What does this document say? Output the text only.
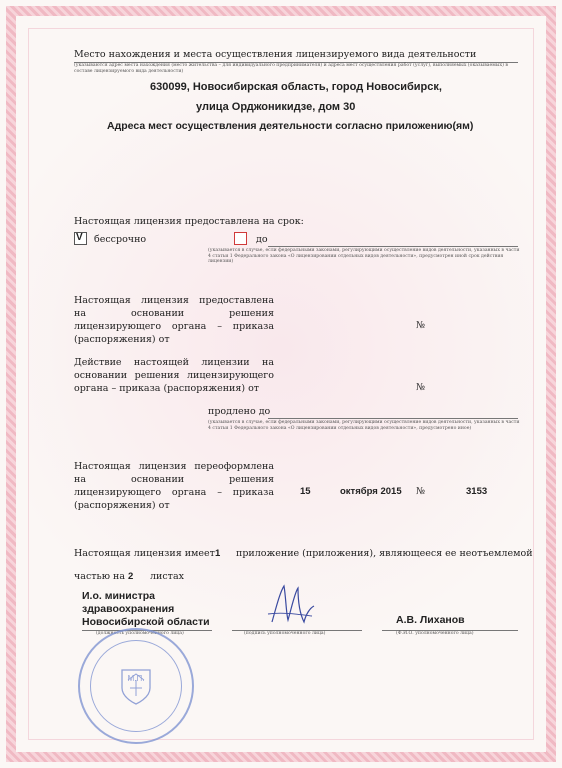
Место нахождения и места осуществления лицензируемого вида деятельности
(указываются адрес места нахождения (место жительства – для индивидуального предпринимателя) и адреса мест осуществления работ (услуг), выполняемых (оказываемых) в составе лицензируемого вида деятельности)
630099, Новосибирская область, город Новосибирск,
улица Орджоникидзе, дом 30
Адреса мест осуществления деятельности согласно приложению(ям)
Настоящая лицензия предоставлена на срок:
V бессрочно	до
(указывается в случае, если федеральными законами, регулирующими осуществление видов деятельности, указанных в части 4 статьи 1 Федерального закона «О лицензировании отдельных видов деятельности», предусмотрен иной срок действия лицензии)
Настоящая лицензия предоставлена на основании решения лицензирующего органа – приказа (распоряжения) от
№
Действие настоящей лицензии на основании решения лицензирующего органа – приказа (распоряжения) от	№
продлено до
(указывается в случае, если федеральными законами, регулирующими осуществление видов деятельности, указанных в части 4 статьи 1 Федерального закона «О лицензировании отдельных видов деятельности», предусмотрено иное)
Настоящая лицензия переоформлена на основании решения лицензирующего органа – приказа (распоряжения) от
15	октября 2015 №	3153
Настоящая лицензия имеет 1 приложение (приложения), являющееся ее неотъемлемой
частью на 2 листах
И.о. министра
здравоохранения
Новосибирской области
(должность уполномоченного лица)	(подпись уполномоченного лица)
А.В. Лиханов
(Ф.И.О. уполномоченного лица)
М.П.
